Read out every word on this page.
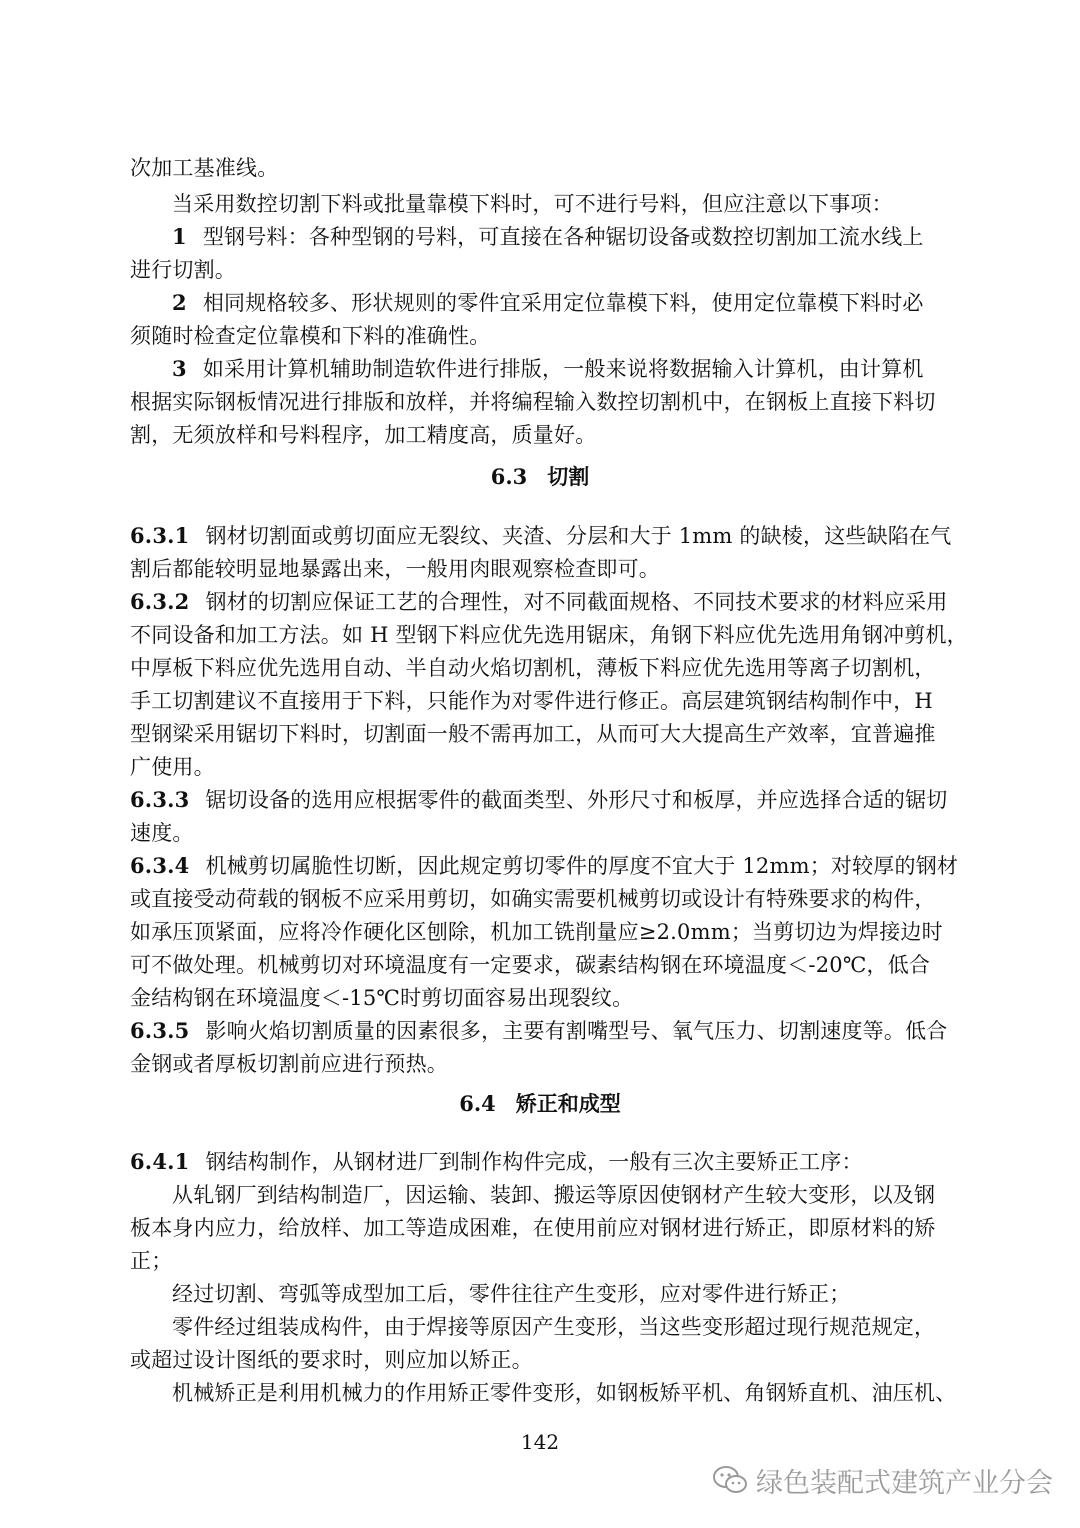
次加工基准线。
当采用数控切割下料或批量靠模下料时，可不进行号料，但应注意以下事项：
1 型钢号料：各种型钢的号料，可直接在各种锯切设备或数控切割加工流水线上
进行切割。
2 相同规格较多、形状规则的零件宜采用定位靠模下料，使用定位靠模下料时必
须随时检查定位靠模和下料的准确性。
3 如采用计算机辅助制造软件进行排版，一般来说将数据输入计算机，由计算机
根据实际钢板情况进行排版和放样，并将编程输入数控切割机中，在钢板上直接下料切
割，无须放样和号料程序，加工精度高，质量好。
6.3 切割
6.3.1 钢材切割面或剪切面应无裂纹、夹渣、分层和大于 1mm 的缺棱，这些缺陷在气
割后都能较明显地暴露出来，一般用肉眼观察检查即可。
6.3.2 钢材的切割应保证工艺的合理性，对不同截面规格、不同技术要求的材料应采用
不同设备和加工方法。如 H 型钢下料应优先选用锯床，角钢下料应优先选用角钢冲剪机，
中厚板下料应优先选用自动、半自动火焰切割机，薄板下料应优先选用等离子切割机，
手工切割建议不直接用于下料，只能作为对零件进行修正。高层建筑钢结构制作中，H
型钢梁采用锯切下料时，切割面一般不需再加工，从而可大大提高生产效率，宜普遍推
广使用。
6.3.3 锯切设备的选用应根据零件的截面类型、外形尺寸和板厚，并应选择合适的锯切
速度。
6.3.4 机械剪切属脆性切断，因此规定剪切零件的厚度不宜大于 12mm；对较厚的钢材
或直接受动荷载的钢板不应采用剪切，如确实需要机械剪切或设计有特殊要求的构件，
如承压顶紧面，应将冷作硬化区刨除，机加工铣削量应≥2.0mm；当剪切边为焊接边时
可不做处理。机械剪切对环境温度有一定要求，碳素结构钢在环境温度＜-20℃，低合
金结构钢在环境温度＜-15℃时剪切面容易出现裂纹。
6.3.5 影响火焰切割质量的因素很多，主要有割嘴型号、氧气压力、切割速度等。低合
金钢或者厚板切割前应进行预热。
6.4 矫正和成型
6.4.1 钢结构制作，从钢材进厂到制作构件完成，一般有三次主要矫正工序：
从轧钢厂到结构制造厂，因运输、装卸、搬运等原因使钢材产生较大变形，以及钢
板本身内应力，给放样、加工等造成困难，在使用前应对钢材进行矫正，即原材料的矫
正；
经过切割、弯弧等成型加工后，零件往往产生变形，应对零件进行矫正；
零件经过组装成构件，由于焊接等原因产生变形，当这些变形超过现行规范规定，
或超过设计图纸的要求时，则应加以矫正。
机械矫正是利用机械力的作用矫正零件变形，如钢板矫平机、角钢矫直机、油压机、
142
绿色装配式建筑产业分会
